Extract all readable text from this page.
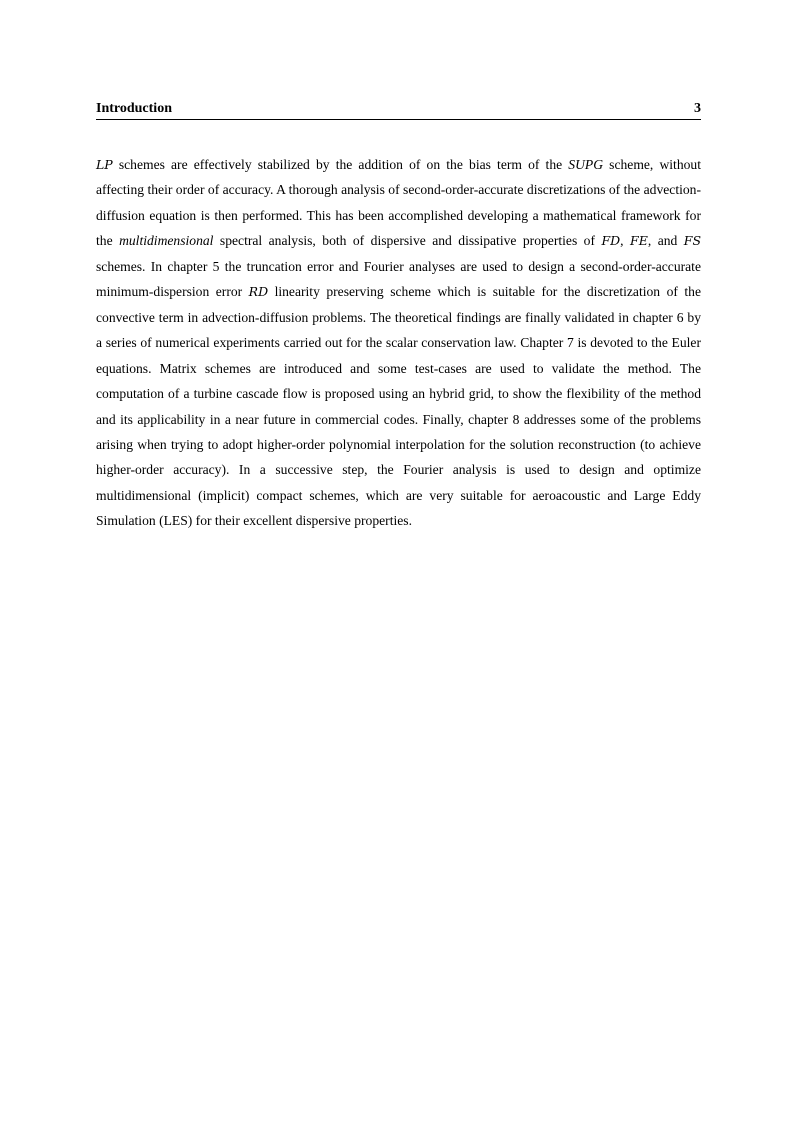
Introduction	3

LP schemes are effectively stabilized by the addition of on the bias term of the SUPG scheme, without affecting their order of accuracy. A thorough analysis of second-order-accurate discretizations of the advection-diffusion equation is then performed. This has been accomplished developing a mathematical framework for the multidimensional spectral analysis, both of dispersive and dissipative properties of FD, FE, and FS schemes. In chapter 5 the truncation error and Fourier analyses are used to design a second-order-accurate minimum-dispersion error RD linearity preserving scheme which is suitable for the discretization of the convective term in advection-diffusion problems. The theoretical findings are finally validated in chapter 6 by a series of numerical experiments carried out for the scalar conservation law. Chapter 7 is devoted to the Euler equations. Matrix schemes are introduced and some test-cases are used to validate the method. The computation of a turbine cascade flow is proposed using an hybrid grid, to show the flexibility of the method and its applicability in a near future in commercial codes. Finally, chapter 8 addresses some of the problems arising when trying to adopt higher-order polynomial interpolation for the solution reconstruction (to achieve higher-order accuracy). In a successive step, the Fourier analysis is used to design and optimize multidimensional (implicit) compact schemes, which are very suitable for aeroacoustic and Large Eddy Simulation (LES) for their excellent dispersive properties.
